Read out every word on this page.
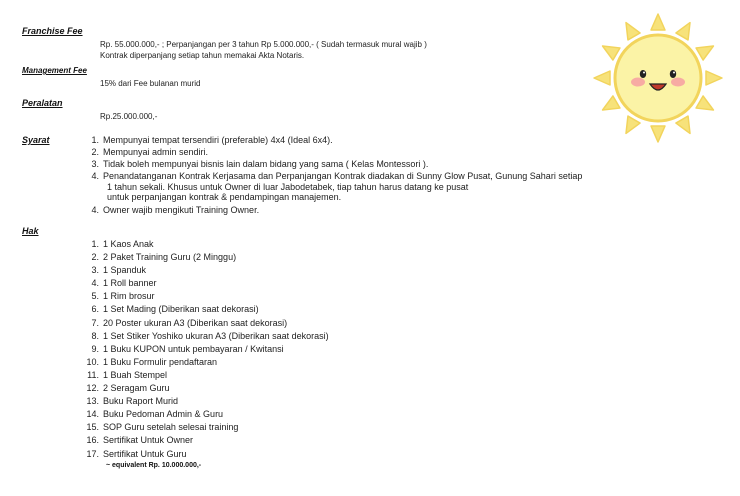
Franchise Fee
Rp. 55.000.000,- ; Perpanjangan per 3 tahun Rp 5.000.000,- ( Sudah termasuk mural wajib )
Kontrak diperpanjang setiap tahun memakai Akta Notaris.
Management Fee
15% dari Fee bulanan murid
Peralatan
Rp.25.000.000,-
Syarat	1. Mempunyai tempat tersendiri (preferable) 4x4 (Ideal 6x4).
2. Mempunyai admin sendiri.
3. Tidak boleh mempunyai bisnis lain dalam bidang yang sama ( Kelas Montessori ).
4. Penandatanganan Kontrak Kerjasama dan Perpanjangan Kontrak diadakan di Sunny Glow Pusat, Gunung Sahari setiap
1 tahun sekali. Khusus untuk Owner di luar Jabodetabek, tiap tahun harus datang ke pusat
untuk perpanjangan kontrak & pendampingan manajemen.
4. Owner wajib mengikuti Training Owner.
Hak
1. 1 Kaos Anak
2. 2 Paket Training Guru (2 Minggu)
3. 1 Spanduk
4. 1 Roll banner
5. 1 Rim brosur
6. 1 Set Mading (Diberikan saat dekorasi)
7. 20 Poster ukuran A3 (Diberikan saat dekorasi)
8. 1 Set Stiker Yoshiko ukuran A3 (Diberikan saat dekorasi)
9. 1 Buku KUPON untuk pembayaran / Kwitansi
10. 1 Buku Formulir pendaftaran
11. 1 Buah Stempel
12. 2 Seragam Guru
13. Buku Raport Murid
14. Buku Pedoman Admin & Guru
15. SOP Guru setelah selesai training
16. Sertifikat Untuk Owner
17. Sertifikat Untuk Guru
~ equivalent Rp. 10.000.000,-
